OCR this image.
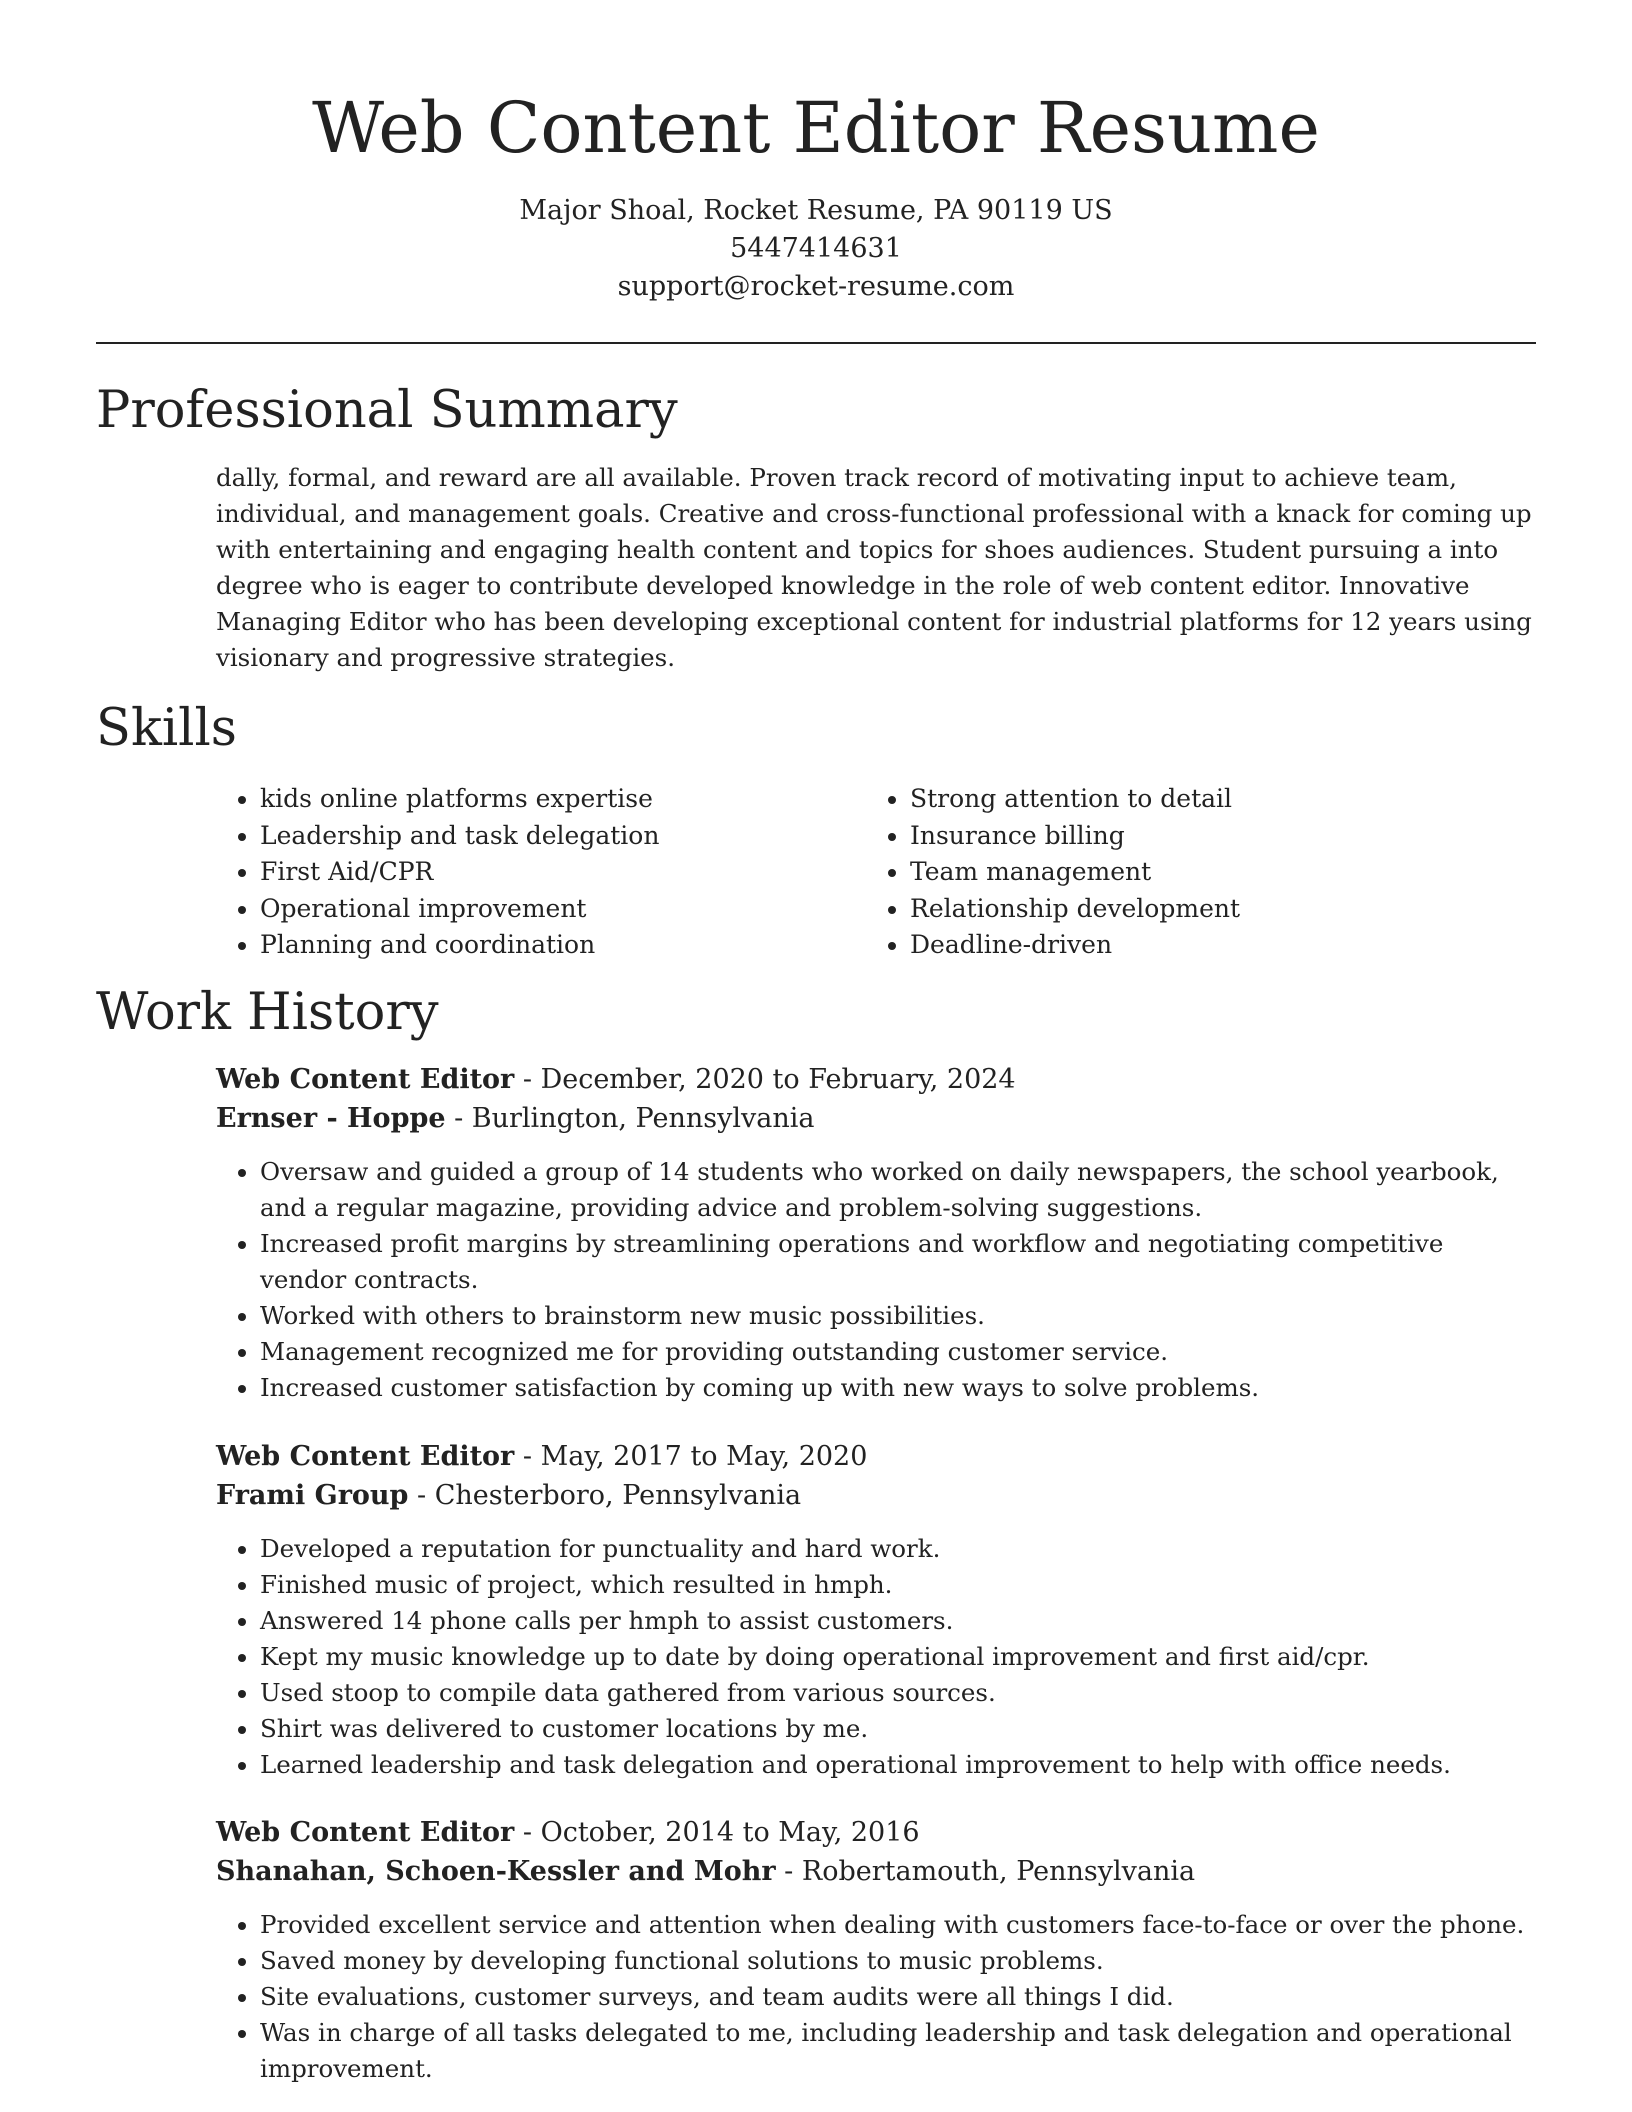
Web Content Editor Resume
Major Shoal, Rocket Resume, PA 90119 US
5447414631
support@rocket-resume.com
Professional Summary

dally, formal, and reward are all available. Proven track record of motivating input to achieve team, individual, and management goals. Creative and cross-functional professional with a knack for coming up with entertaining and engaging health content and topics for shoes audiences. Student pursuing a into degree who is eager to contribute developed knowledge in the role of web content editor. Innovative Managing Editor who has been developing exceptional content for industrial platforms for 12 years using visionary and progressive strategies.

Skills
• kids online platforms expertise
• Leadership and task delegation
• First Aid/CPR
• Operational improvement
• Planning and coordination
• Strong attention to detail
• Insurance billing
• Team management
• Relationship development
• Deadline-driven
Work History
Web Content Editor - December, 2020 to February, 2024
Ernser - Hoppe - Burlington, Pennsylvania
• Oversaw and guided a group of 14 students who worked on daily newspapers, the school yearbook, and a regular magazine, providing advice and problem-solving suggestions.
• Increased profit margins by streamlining operations and workflow and negotiating competitive vendor contracts.
• Worked with others to brainstorm new music possibilities.
• Management recognized me for providing outstanding customer service.
• Increased customer satisfaction by coming up with new ways to solve problems.
Web Content Editor - May, 2017 to May, 2020
Frami Group - Chesterboro, Pennsylvania
• Developed a reputation for punctuality and hard work.
• Finished music of project, which resulted in hmph.
• Answered 14 phone calls per hmph to assist customers.
• Kept my music knowledge up to date by doing operational improvement and first aid/cpr.
• Used stoop to compile data gathered from various sources.
• Shirt was delivered to customer locations by me.
• Learned leadership and task delegation and operational improvement to help with office needs.
Web Content Editor - October, 2014 to May, 2016
Shanahan, Schoen-Kessler and Mohr - Robertamouth, Pennsylvania
• Provided excellent service and attention when dealing with customers face-to-face or over the phone.
• Saved money by developing functional solutions to music problems.
• Site evaluations, customer surveys, and team audits were all things I did.
• Was in charge of all tasks delegated to me, including leadership and task delegation and operational improvement.
